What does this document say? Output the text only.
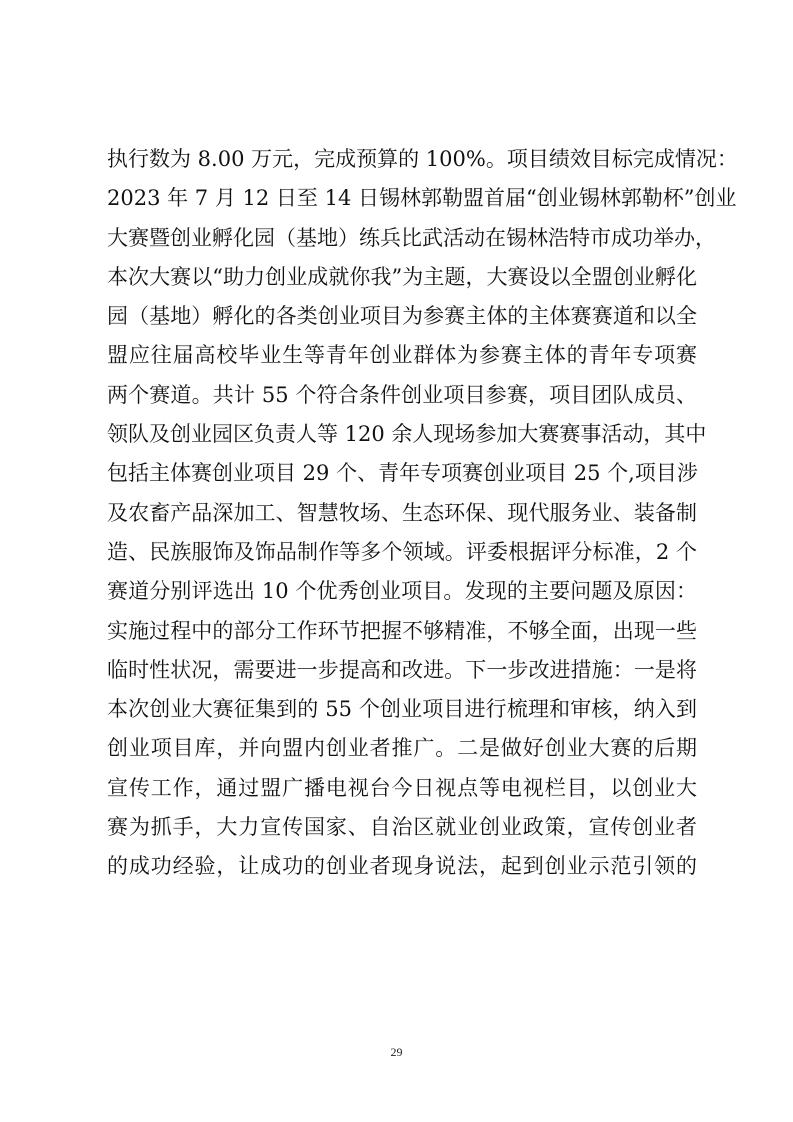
执行数为 8.00 万元，完成预算的 100%。项目绩效目标完成情况：
2023 年 7 月 12 日至 14 日锡林郭勒盟首届“创业锡林郭勒杯”创业
大赛暨创业孵化园（基地）练兵比武活动在锡林浩特市成功举办，
本次大赛以“助力创业成就你我”为主题，大赛设以全盟创业孵化
园（基地）孵化的各类创业项目为参赛主体的主体赛赛道和以全
盟应往届高校毕业生等青年创业群体为参赛主体的青年专项赛
两个赛道。共计 55 个符合条件创业项目参赛，项目团队成员、
领队及创业园区负责人等 120 余人现场参加大赛赛事活动，其中
包括主体赛创业项目 29 个、青年专项赛创业项目 25 个,项目涉
及农畜产品深加工、智慧牧场、生态环保、现代服务业、装备制
造、民族服饰及饰品制作等多个领域。评委根据评分标准，2 个
赛道分别评选出 10 个优秀创业项目。发现的主要问题及原因：
实施过程中的部分工作环节把握不够精准，不够全面，出现一些
临时性状况，需要进一步提高和改进。下一步改进措施：一是将
本次创业大赛征集到的 55 个创业项目进行梳理和审核，纳入到
创业项目库，并向盟内创业者推广。二是做好创业大赛的后期
宣传工作，通过盟广播电视台今日视点等电视栏目，以创业大
赛为抓手，大力宣传国家、自治区就业创业政策，宣传创业者
的成功经验，让成功的创业者现身说法，起到创业示范引领的
29
